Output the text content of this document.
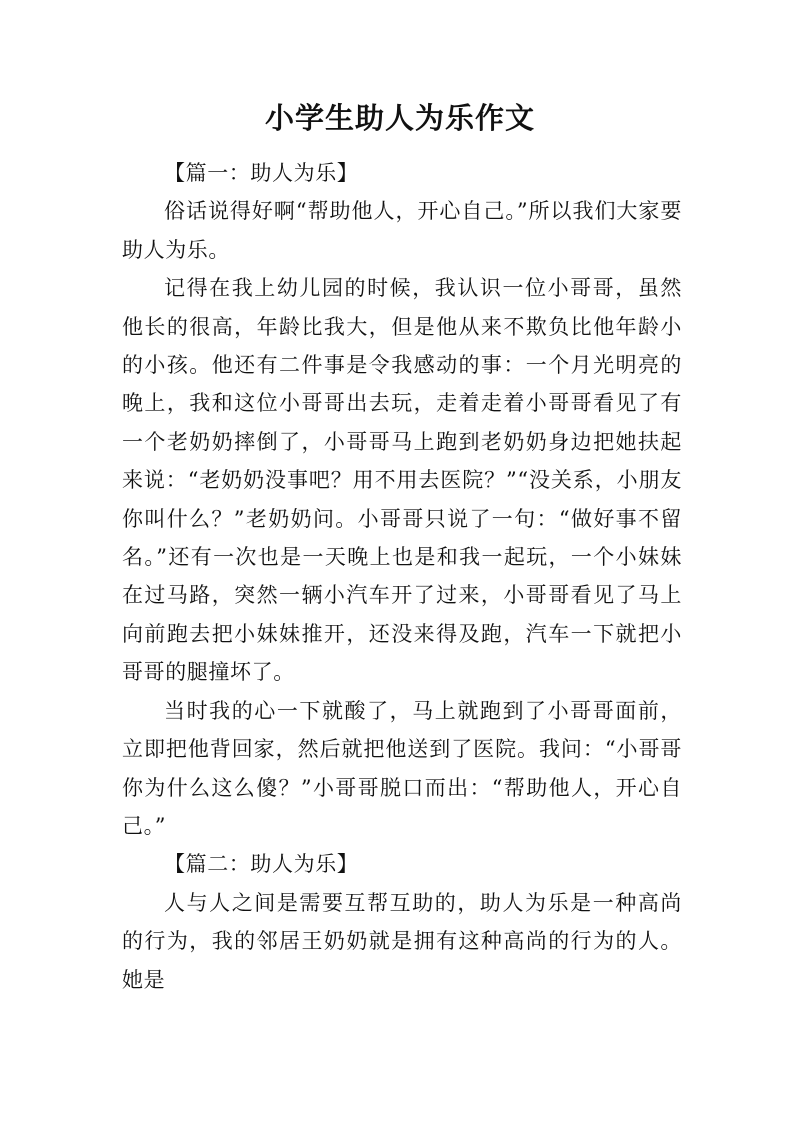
小学生助人为乐作文

【篇一：助人为乐】

俗话说得好啊“帮助他人，开心自己。”所以我们大家要助人为乐。

记得在我上幼儿园的时候，我认识一位小哥哥，虽然他长的很高，年龄比我大，但是他从来不欺负比他年龄小的小孩。他还有二件事是令我感动的事：一个月光明亮的晚上，我和这位小哥哥出去玩，走着走着小哥哥看见了有一个老奶奶摔倒了，小哥哥马上跑到老奶奶身边把她扶起来说：“老奶奶没事吧？用不用去医院？”“没关系，小朋友你叫什么？”老奶奶问。小哥哥只说了一句：“做好事不留名。”还有一次也是一天晚上也是和我一起玩，一个小妹妹在过马路，突然一辆小汽车开了过来，小哥哥看见了马上向前跑去把小妹妹推开，还没来得及跑，汽车一下就把小哥哥的腿撞坏了。

当时我的心一下就酸了，马上就跑到了小哥哥面前，立即把他背回家，然后就把他送到了医院。我问：“小哥哥你为什么这么傻？”小哥哥脱口而出：“帮助他人，开心自己。”

【篇二：助人为乐】

人与人之间是需要互帮互助的，助人为乐是一种高尚的行为，我的邻居王奶奶就是拥有这种高尚的行为的人。她是
